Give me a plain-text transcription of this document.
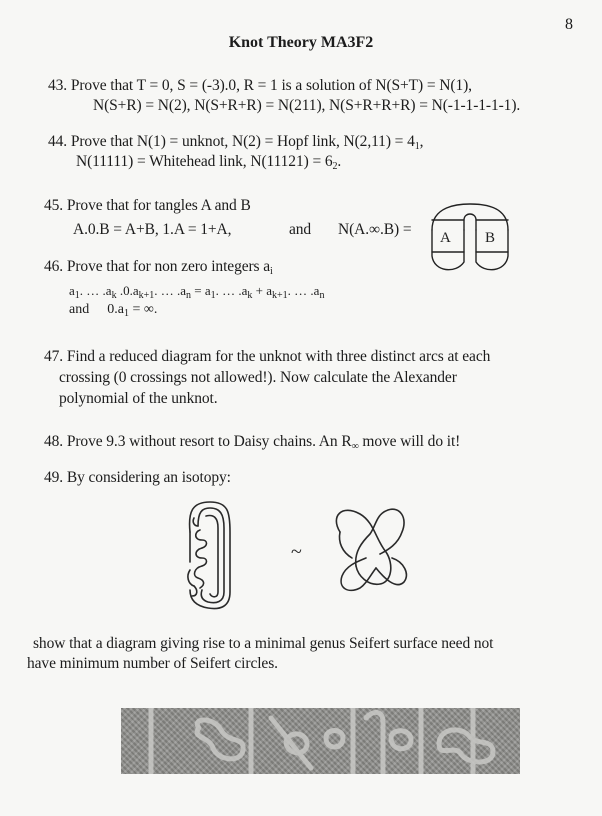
8
Knot Theory MA3F2
43. Prove that T = 0, S = (-3).0, R = 1 is a solution of N(S+T) = N(1),
N(S+R) = N(2), N(S+R+R) = N(211), N(S+R+R+R) = N(-1-1-1-1-1).
44. Prove that N(1) = unknot, N(2) = Hopf link, $N(2,11) = 4_1$,
N(11111) = Whitehead link, $N(11121) = 6_2$.
45. Prove that for tangles A and B
A.0.B = A+B, 1.A = 1+A,	and N(A.∞.B) = A B
46. Prove that for non zero integers $a_i$
$a_1$. … $.a_k$ $.0.a_{k+1}$. … $.a_n = a_1$. … $.a_k + a_{k+1}$. … $.a_n$
and $0.a_1$ = ∞.
47. Find a reduced diagram for the unknot with three distinct arcs at each
crossing (0 crossings not allowed!). Now calculate the Alexander
polynomial of the unknot.
48. Prove 9.3 without resort to Daisy chains. An $R_\infty$ move will do it!
49. By considering an isotopy:
~
show that a diagram giving rise to a minimal genus Seifert surface need not
have minimum number of Seifert circles.
